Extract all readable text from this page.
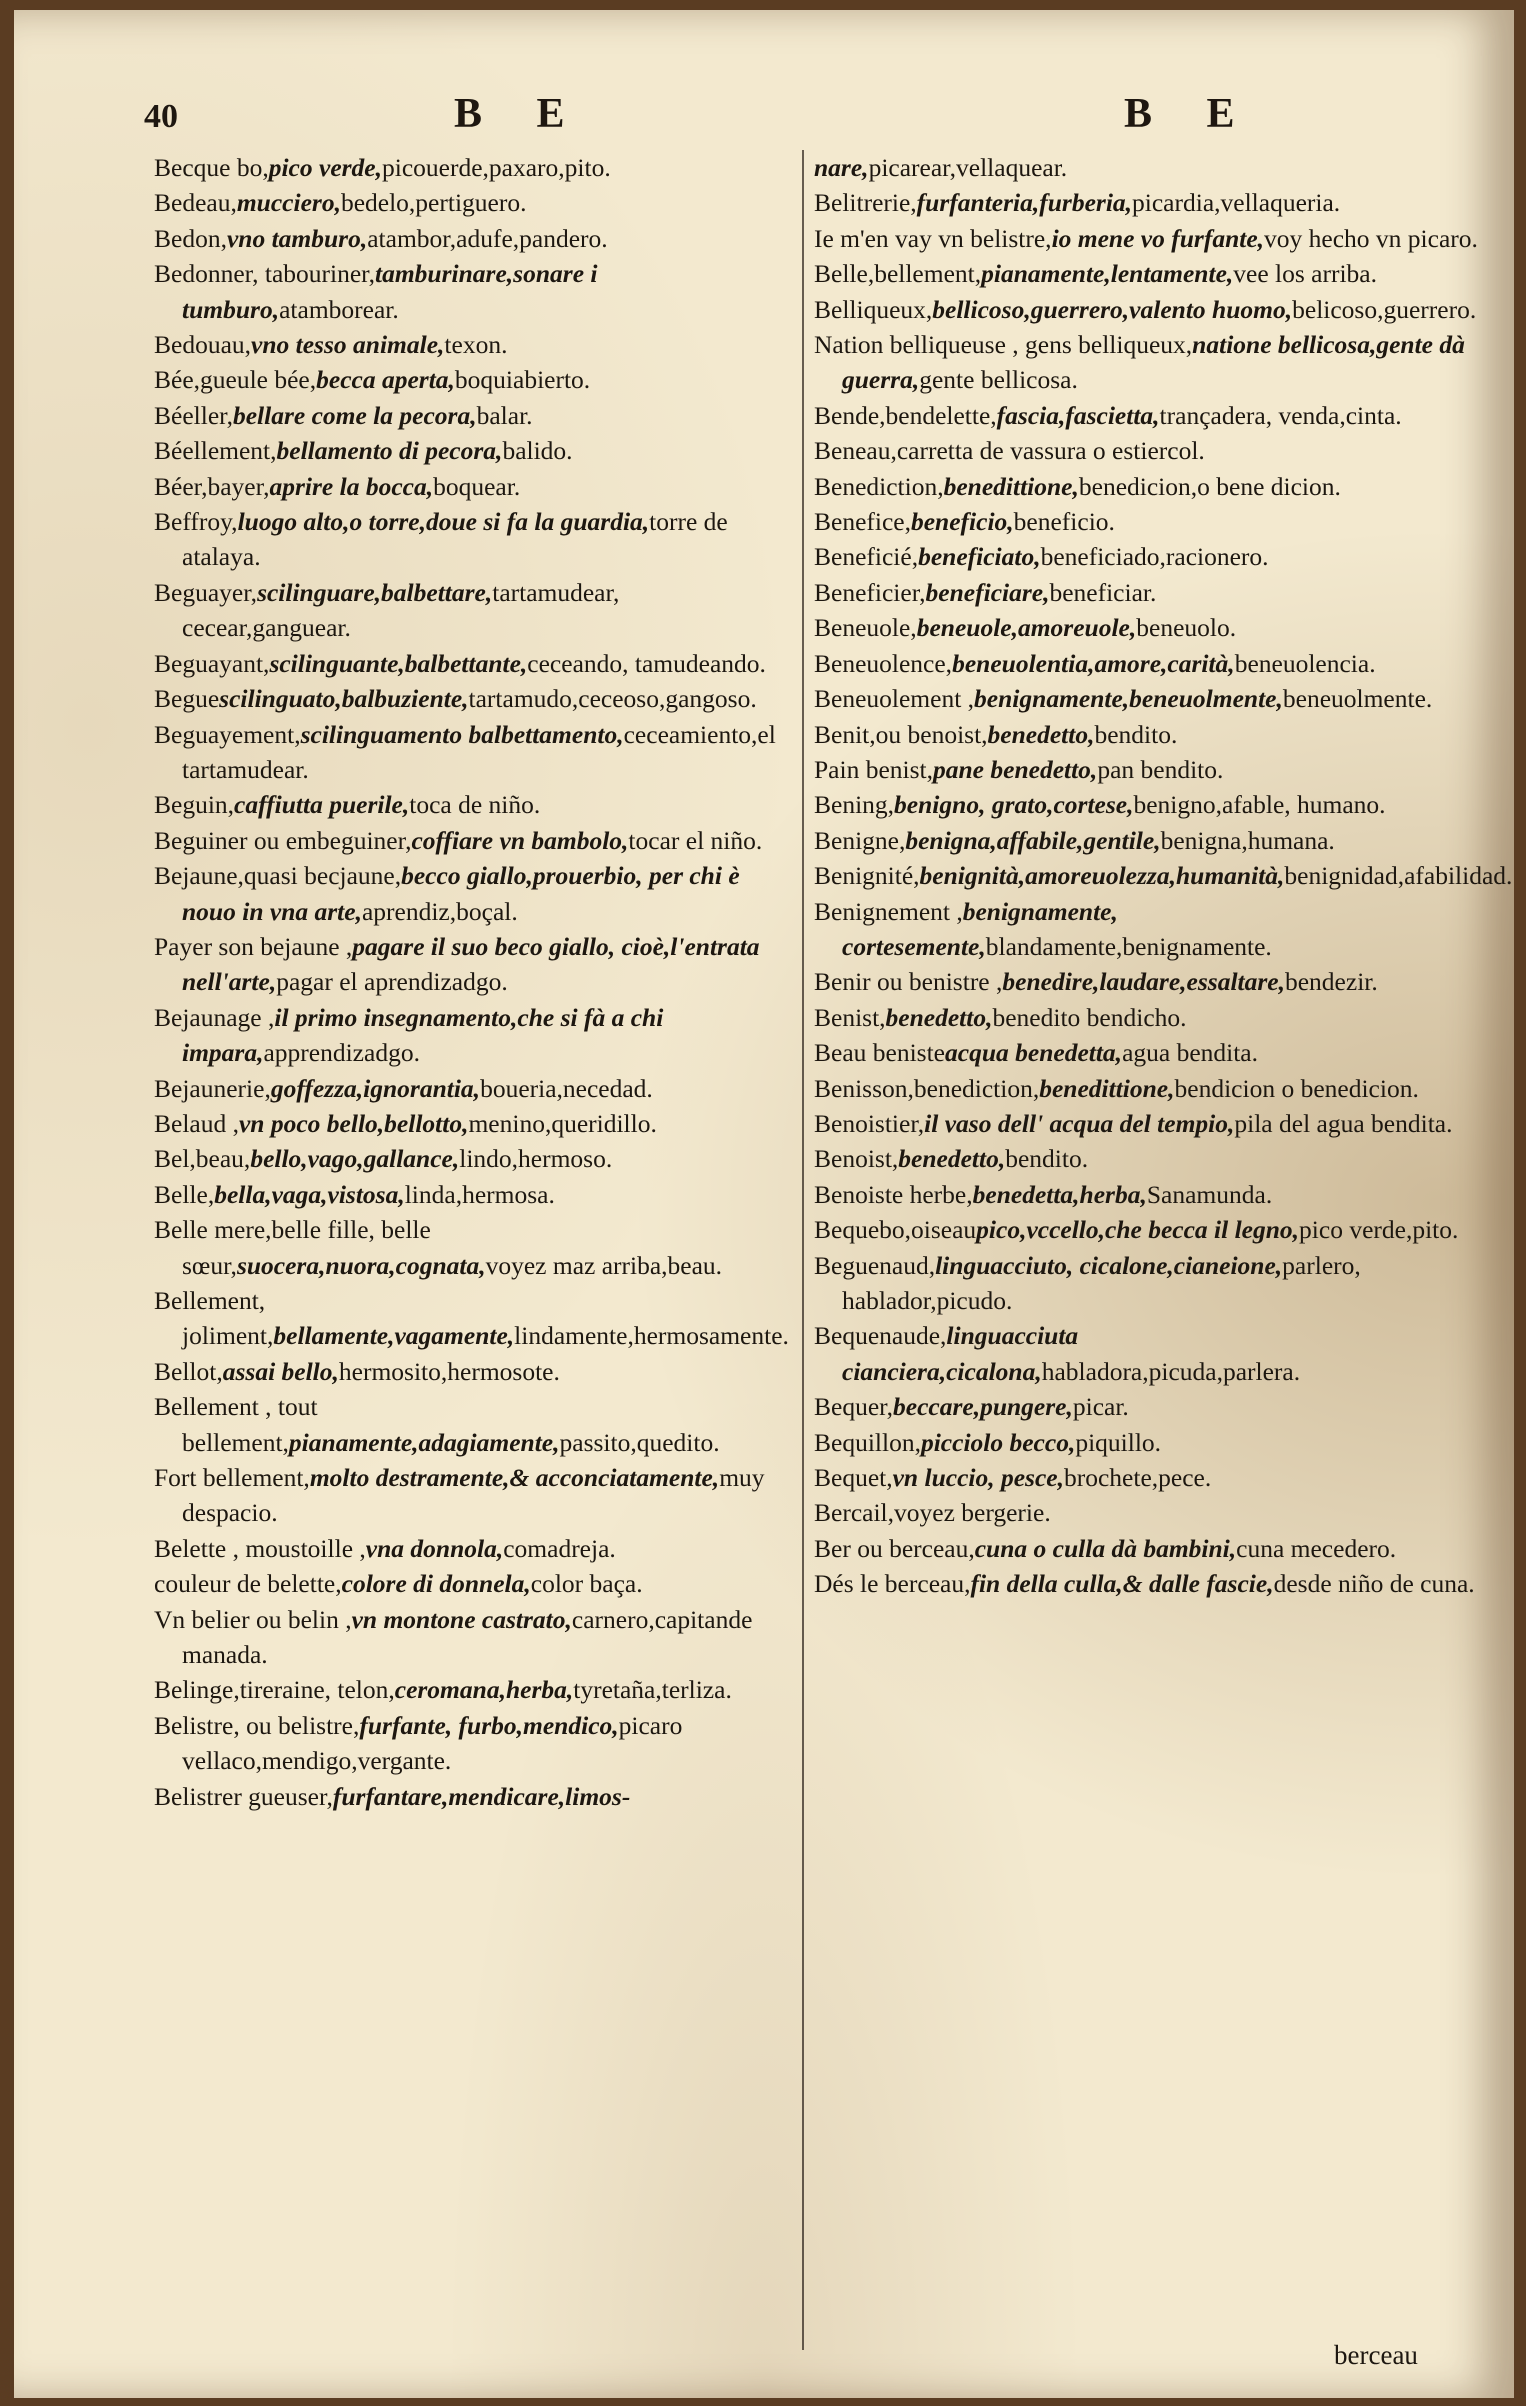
40	B E	B E

Becque bo,pico verde,picouerde,paxaro,pito.

Bedeau,mucciero,bedelo,pertiguero.

Bedon,vno tamburo,atambor,adufe,pandero.

Bedonner, tabouriner,tamburinare,sonare i tumburo,atamborear.

Bedouau,vno tesso animale,texon.

Bée,gueule bée,becca aperta,boquiabierto.

Béeller,bellare come la pecora,balar.

Béellement,bellamento di pecora,balido.

Béer,bayer,aprire la bocca,boquear.

Beffroy,luogo alto,o torre,doue si fa la guardia,torre de atalaya.

Beguayer,scilinguare,balbettare,tartamudear, cecear,ganguear.

Beguayant,scilinguante,balbettante,ceceando, tamudeando.

Beguescilinguato,balbuziente,tartamudo,ceceoso,gangoso.

Beguayement,scilinguamento balbettamento,ceceamiento,el tartamudear.

Beguin,caffiutta puerile,toca de niño.

Beguiner ou embeguiner,coffiare vn bambolo,tocar el niño.

Bejaune,quasi becjaune,becco giallo,prouerbio, per chi è nouo in vna arte,aprendiz,boçal.

Payer son bejaune ,pagare il suo beco giallo, cioè,l'entrata nell'arte,pagar el aprendizadgo.

Bejaunage ,il primo insegnamento,che si fà a chi impara,apprendizadgo.

Bejaunerie,goffezza,ignorantia,boueria,necedad.

Belaud ,vn poco bello,bellotto,menino,queridillo.

Bel,beau,bello,vago,gallance,lindo,hermoso.

Belle,bella,vaga,vistosa,linda,hermosa.

Belle mere,belle fille, belle sœur,suocera,nuora,cognata,voyez maz arriba,beau.

Bellement, joliment,bellamente,vagamente,lindamente,hermosamente.

Bellot,assai bello,hermosito,hermosote.

Bellement , tout bellement,pianamente,adagiamente,passito,quedito.

Fort bellement,molto destramente,& acconciatamente,muy despacio.

Belette , moustoille ,vna donnola,comadreja.

couleur de belette,colore di donnela,color baça.

Vn belier ou belin ,vn montone castrato,carnero,capitande manada.

Belinge,tireraine, telon,ceromana,herba,tyretaña,terliza.

Belistre, ou belistre,furfante, furbo,mendico,picaro vellaco,mendigo,vergante.

Belistrer gueuser,furfantare,mendicare,limos-

nare,picarear,vellaquear.

Belitrerie,furfanteria,furberia,picardia,vellaqueria.

Ie m'en vay vn belistre,io mene vo furfante,voy hecho vn picaro.

Belle,bellement,pianamente,lentamente,vee los arriba.

Belliqueux,bellicoso,guerrero,valento huomo,belicoso,guerrero.

Nation belliqueuse , gens belliqueux,natione bellicosa,gente dà guerra,gente bellicosa.

Bende,bendelette,fascia,fascietta,trançadera, venda,cinta.

Beneau,carretta de vassura o estiercol.

Benediction,benedittione,benedicion,o bene dicion.

Benefice,beneficio,beneficio.

Beneficié,beneficiato,beneficiado,racionero.

Beneficier,beneficiare,beneficiar.

Beneuole,beneuole,amoreuole,beneuolo.

Beneuolence,beneuolentia,amore,carità,beneuolencia.

Beneuolement ,benignamente,beneuolmente,beneuolmente.

Benit,ou benoist,benedetto,bendito.

Pain benist,pane benedetto,pan bendito.

Bening,benigno, grato,cortese,benigno,afable, humano.

Benigne,benigna,affabile,gentile,benigna,humana.

Benignité,benignità,amoreuolezza,humanità,benignidad,afabilidad.

Benignement ,benignamente, cortesemente,blandamente,benignamente.

Benir ou benistre ,benedire,laudare,essaltare,bendezir.

Benist,benedetto,benedito bendicho.

Beau benisteacqua benedetta,agua bendita.

Benisson,benediction,benedittione,bendicion o benedicion.

Benoistier,il vaso dell' acqua del tempio,pila del agua bendita.

Benoist,benedetto,bendito.

Benoiste herbe,benedetta,herba,Sanamunda.

Bequebo,oiseaupico,vccello,che becca il legno,pico verde,pito.

Beguenaud,linguacciuto, cicalone,cianeione,parlero, hablador,picudo.

Bequenaude,linguacciuta cianciera,cicalona,habladora,picuda,parlera.

Bequer,beccare,pungere,picar.

Bequillon,picciolo becco,piquillo.

Bequet,vn luccio, pesce,brochete,pece.

Bercail,voyez bergerie.

Ber ou berceau,cuna o culla dà bambini,cuna mecedero.

Dés le berceau,fin della culla,& dalle fascie,desde niño de cuna.

berceau
